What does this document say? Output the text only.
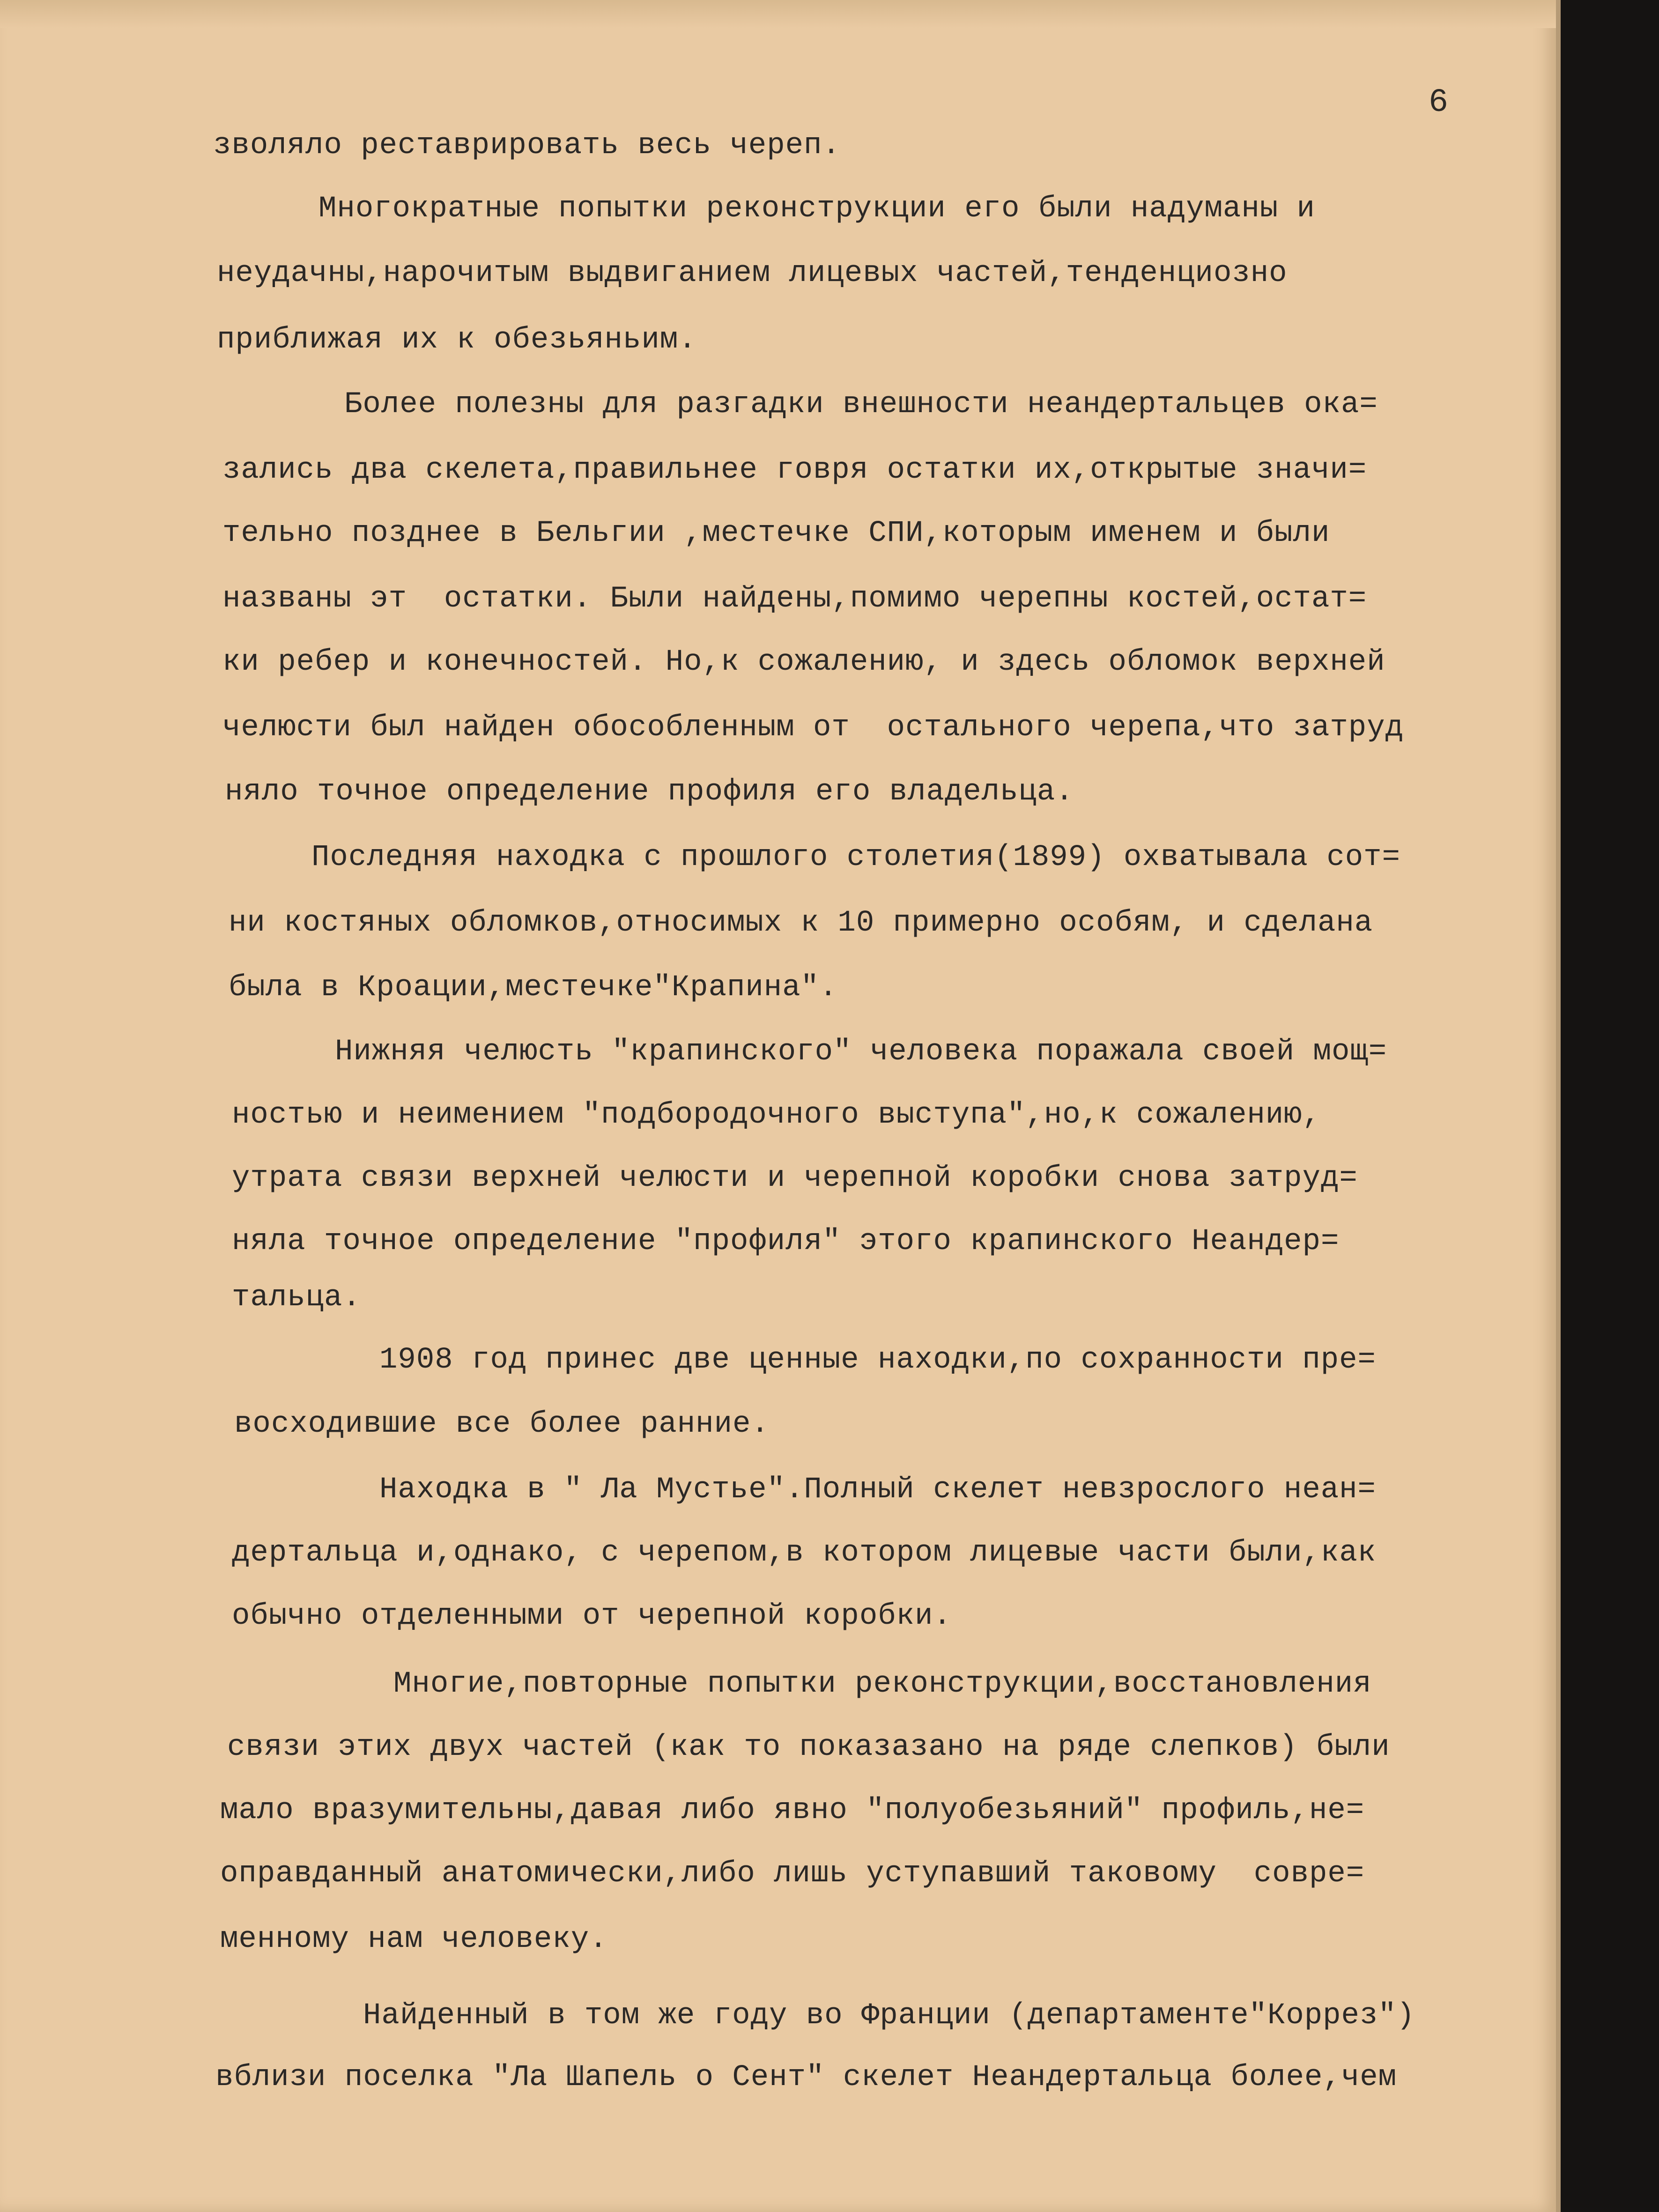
6
зволяло реставрировать весь череп.
Многократные попытки реконструкции его были надуманы и
неудачны,нарочитым выдвиганием лицевых частей,тенденциозно
приближая их к обезьяньим.
Более полезны для разгадки внешности неандертальцев ока=
зались два скелета,правильнее говря остатки их,открытые значи=
тельно позднее в Бельгии ,местечке СПИ,которым именем и были
названы эт  остатки. Были найдены,помимо черепны костей,остат=
ки ребер и конечностей. Но,к сожалению, и здесь обломок верхней
челюсти был найден обособленным от  остального черепа,что затруд
няло точное определение профиля его владельца.
Последняя находка с прошлого столетия(1899) охватывала сот=
ни костяных обломков,относимых к 10 примерно особям, и сделана
была в Кроации,местечке"Крапина".
Нижняя челюсть "крапинского" человека поражала своей мощ=
ностью и неимением "подбородочного выступа",но,к сожалению,
утрата связи верхней челюсти и черепной коробки снова затруд=
няла точное определение "профиля" этого крапинского Неандер=
тальца.
1908 год принес две ценные находки,по сохранности пре=
восходившие все более ранние.
Находка в " Ла Мустье".Полный скелет невзрослого неан=
дертальца и,однако, с черепом,в котором лицевые части были,как
обычно отделенными от черепной коробки.
Многие,повторные попытки реконструкции,восстановления
связи этих двух частей (как то показазано на ряде слепков) были
мало вразумительны,давая либо явно "полуобезьяний" профиль,не=
оправданный анатомически,либо лишь уступавший таковому  совре=
менному нам человеку.
Найденный в том же году во Франции (департаменте"Коррез")
вблизи поселка "Ла Шапель о Сент" скелет Неандертальца более,чем
